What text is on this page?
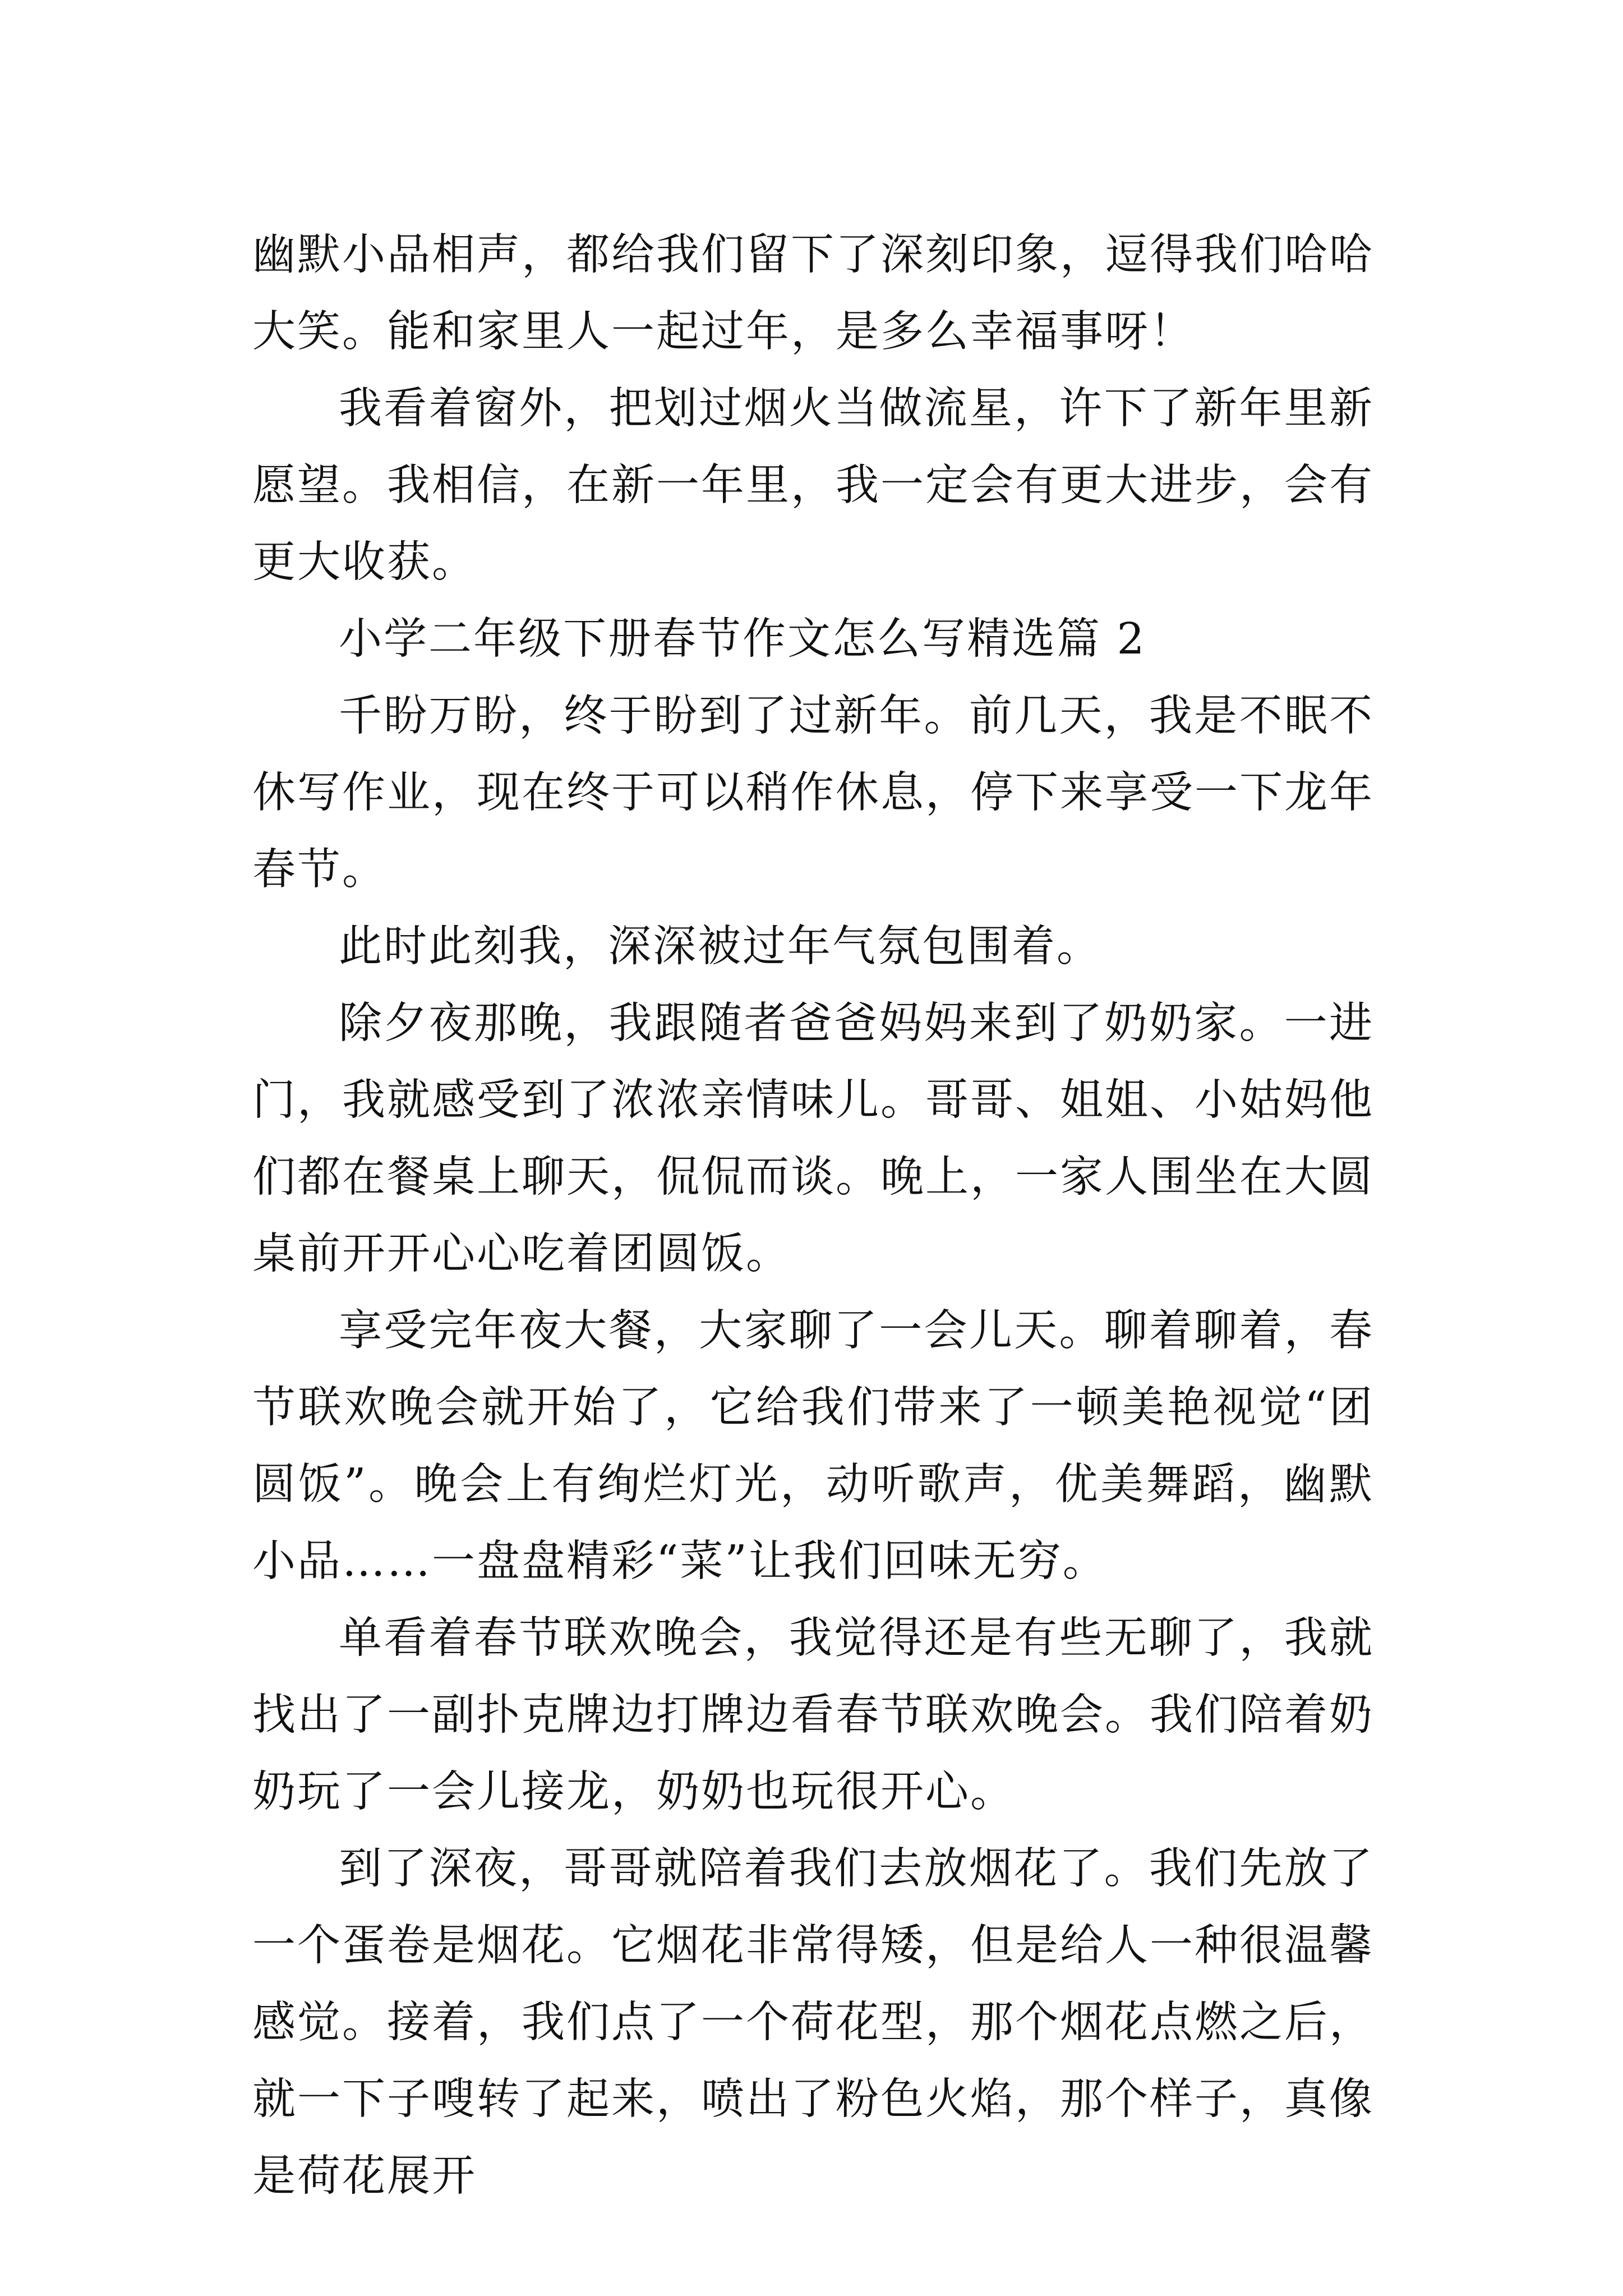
幽默小品相声，都给我们留下了深刻印象，逗得我们哈哈大笑。能和家里人一起过年，是多么幸福事呀！

我看着窗外，把划过烟火当做流星，许下了新年里新愿望。我相信，在新一年里，我一定会有更大进步，会有更大收获。

小学二年级下册春节作文怎么写精选篇 2

千盼万盼，终于盼到了过新年。前几天，我是不眠不休写作业，现在终于可以稍作休息，停下来享受一下龙年春节。

此时此刻我，深深被过年气氛包围着。

除夕夜那晚，我跟随者爸爸妈妈来到了奶奶家。一进门，我就感受到了浓浓亲情味儿。哥哥、姐姐、小姑妈他们都在餐桌上聊天，侃侃而谈。晚上，一家人围坐在大圆桌前开开心心吃着团圆饭。

享受完年夜大餐，大家聊了一会儿天。聊着聊着，春节联欢晚会就开始了，它给我们带来了一顿美艳视觉“团圆饭”。晚会上有绚烂灯光，动听歌声，优美舞蹈，幽默小品……一盘盘精彩“菜”让我们回味无穷。

单看着春节联欢晚会，我觉得还是有些无聊了，我就找出了一副扑克牌边打牌边看春节联欢晚会。我们陪着奶奶玩了一会儿接龙，奶奶也玩很开心。

到了深夜，哥哥就陪着我们去放烟花了。我们先放了一个蛋卷是烟花。它烟花非常得矮，但是给人一种很温馨感觉。接着，我们点了一个荷花型，那个烟花点燃之后，就一下子嗖转了起来，喷出了粉色火焰，那个样子，真像是荷花展开
